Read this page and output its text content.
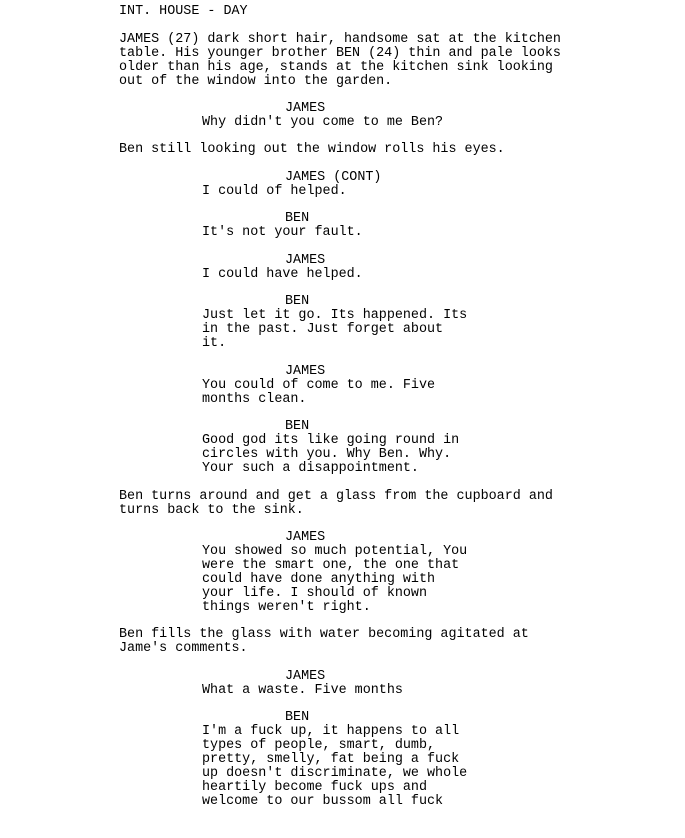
INT. HOUSE - DAY
JAMES (27) dark short hair, handsome sat at the kitchen
table. His younger brother BEN (24) thin and pale looks
older than his age, stands at the kitchen sink looking
out of the window into the garden.
JAMES
Why didn't you come to me Ben?
Ben still looking out the window rolls his eyes.
JAMES (CONT)
I could of helped.
BEN
It's not your fault.
JAMES
I could have helped.
BEN
Just let it go. Its happened. Its
in the past. Just forget about
it.
JAMES
You could of come to me. Five
months clean.
BEN
Good god its like going round in
circles with you. Why Ben. Why.
Your such a disappointment.
Ben turns around and get a glass from the cupboard and
turns back to the sink.
JAMES
You showed so much potential, You
were the smart one, the one that
could have done anything with
your life. I should of known
things weren't right.
Ben fills the glass with water becoming agitated at
Jame's comments.
JAMES
What a waste. Five months
BEN
I'm a fuck up, it happens to all
types of people, smart, dumb,
pretty, smelly, fat being a fuck
up doesn't discriminate, we whole
heartily become fuck ups and
welcome to our bussom all fuck
